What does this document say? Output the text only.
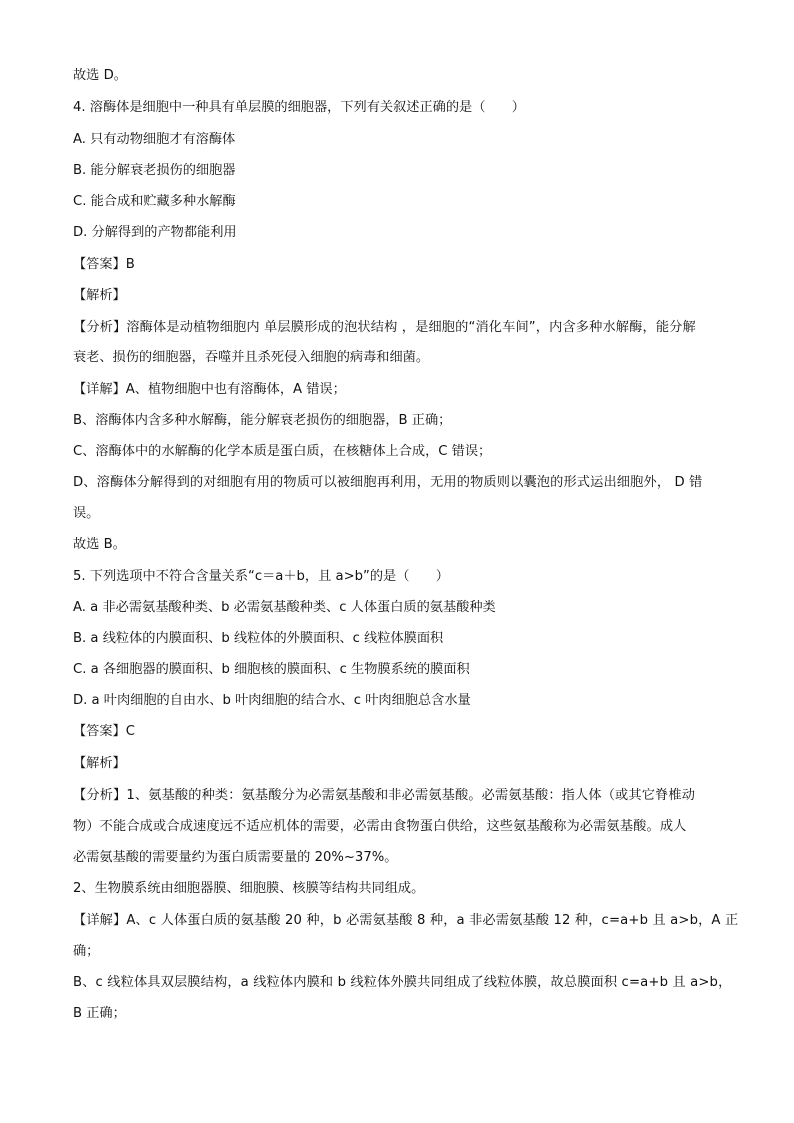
故选 D。
4. 溶酶体是细胞中一种具有单层膜的细胞器，下列有关叙述正确的是（　　）
A. 只有动物细胞才有溶酶体
B. 能分解衰老损伤的细胞器
C. 能合成和贮藏多种水解酶
D. 分解得到的产物都能利用
【答案】B
【解析】
【分析】溶酶体是动植物细胞内 单层膜形成的泡状结构 ，是细胞的“消化车间”，内含多种水解酶，能分解
衰老、损伤的细胞器，吞噬并且杀死侵入细胞的病毒和细菌。
【详解】A、植物细胞中也有溶酶体，A 错误；
B、溶酶体内含多种水解酶，能分解衰老损伤的细胞器，B 正确；
C、溶酶体中的水解酶的化学本质是蛋白质，在核糖体上合成，C 错误；
D、溶酶体分解得到的对细胞有用的物质可以被细胞再利用，无用的物质则以囊泡的形式运出细胞外， D 错
误。
故选 B。
5. 下列选项中不符合含量关系“c＝a＋b，且 a>b”的是（　　）
A. a 非必需氨基酸种类、b 必需氨基酸种类、c 人体蛋白质的氨基酸种类
B. a 线粒体的内膜面积、b 线粒体的外膜面积、c 线粒体膜面积
C. a 各细胞器的膜面积、b 细胞核的膜面积、c 生物膜系统的膜面积
D. a 叶肉细胞的自由水、b 叶肉细胞的结合水、c 叶肉细胞总含水量
【答案】C
【解析】
【分析】1、氨基酸的种类：氨基酸分为必需氨基酸和非必需氨基酸。必需氨基酸：指人体（或其它脊椎动
物）不能合成或合成速度远不适应机体的需要，必需由食物蛋白供给，这些氨基酸称为必需氨基酸。成人
必需氨基酸的需要量约为蛋白质需要量的 20%~37%。
2、生物膜系统由细胞器膜、细胞膜、核膜等结构共同组成。
【详解】A、c 人体蛋白质的氨基酸 20 种，b 必需氨基酸 8 种，a 非必需氨基酸 12 种，c=a+b 且 a>b，A 正
确；
B、c 线粒体具双层膜结构，a 线粒体内膜和 b 线粒体外膜共同组成了线粒体膜，故总膜面积 c=a+b 且 a>b，
B 正确；
